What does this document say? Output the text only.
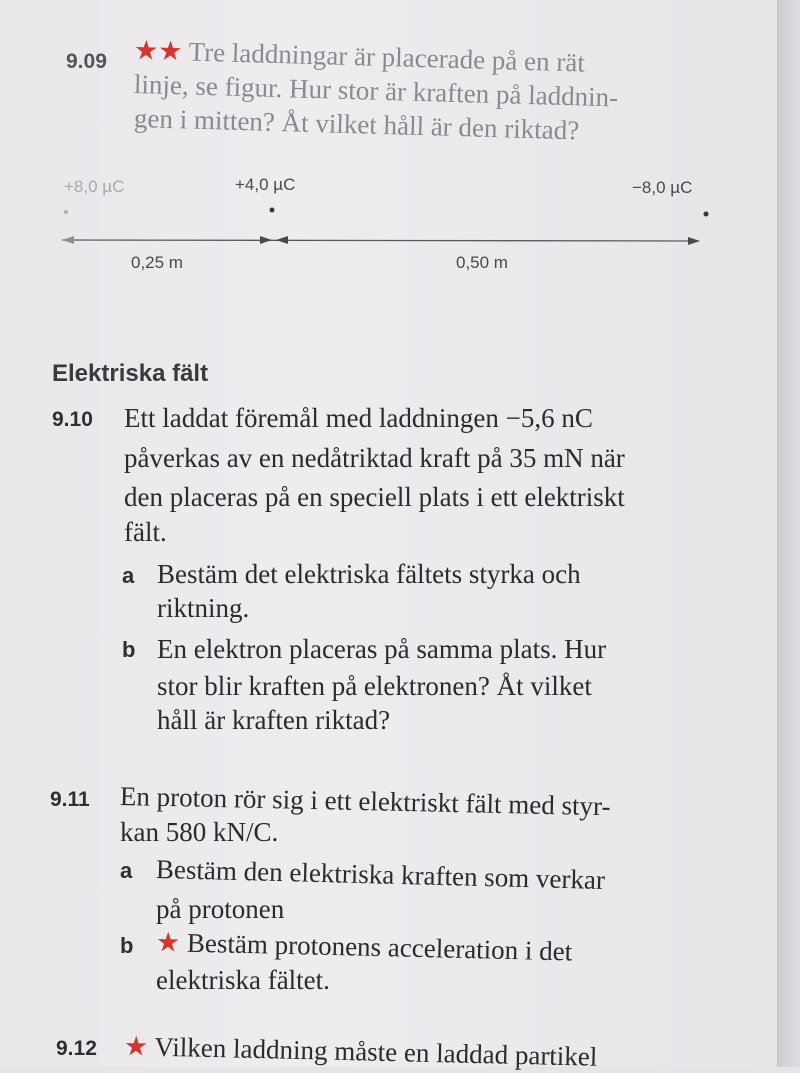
9.09 ★★ Tre laddningar är placerade på en rät
linje, se figur. Hur stor är kraften på laddnin-
gen i mitten? Åt vilket håll är den riktad?
+8,0 µC	+4,0 µC	−8,0 µC
0,25 m	0,50 m
Elektriska fält
9.10 Ett laddat föremål med laddningen −5,6 nC
påverkas av en nedåtriktad kraft på 35 mN när
den placeras på en speciell plats i ett elektriskt
fält.
a Bestäm det elektriska fältets styrka och
riktning.
b En elektron placeras på samma plats. Hur
stor blir kraften på elektronen? Åt vilket
håll är kraften riktad?
9.11 En proton rör sig i ett elektriskt fält med styr-
kan 580 kN/C.
a Bestäm den elektriska kraften som verkar
på protonen
b ★ Bestäm protonens acceleration i det
elektriska fältet.
9.12 ★ Vilken laddning måste en laddad partikel
